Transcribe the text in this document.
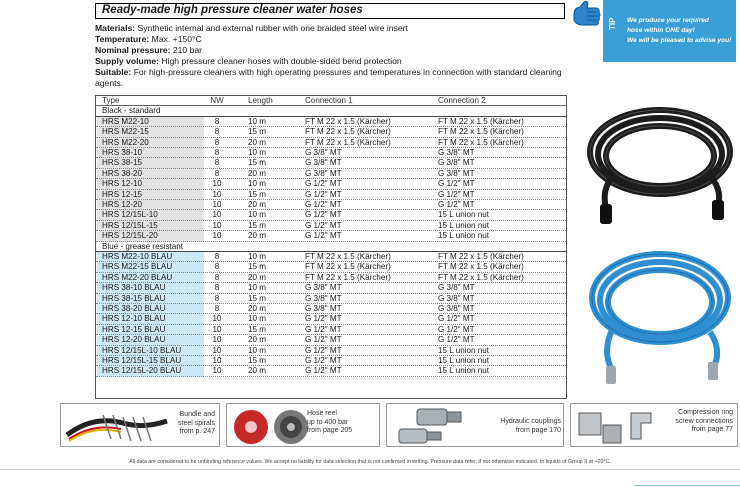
Ready-made high pressure cleaner water hoses
Materials: Synthetic internal and external rubber with one braided steel wire insert
Temperature: Max. +150°C
Nominal pressure: 210 bar
Supply volume: High pressure cleaner hoses with double-sided bend protection
Suitable: For high-pressure cleaners with high operating pressures and temperatures in connection with standard cleaning agents.
Type	NW	Length	Connection 1	Connection 2
Black - standard
HRS M22-10	8	10 m	FT M 22 x 1.5 (Kärcher)	FT M 22 x 1.5 (Kärcher)
HRS M22-15	8	15 m	FT M 22 x 1.5 (Kärcher)	FT M 22 x 1.5 (Kärcher)
HRS M22-20	8	20 m	FT M 22 x 1.5 (Kärcher)	FT M 22 x 1.5 (Kärcher)
HRS 38-10	8	10 m	G 3/8" MT	G 3/8" MT
HRS 38-15	8	15 m	G 3/8" MT	G 3/8" MT
HRS 38-20	8	20 m	G 3/8" MT	G 3/8" MT
HRS 12-10	10	10 m	G 1/2" MT	G 1/2" MT
HRS 12-15	10	15 m	G 1/2" MT	G 1/2" MT
HRS 12-20	10	20 m	G 1/2" MT	G 1/2" MT
HRS 12/15L-10	10	10 m	G 1/2" MT	15 L union nut
HRS 12/15L-15	10	15 m	G 1/2" MT	15 L union nut
HRS 12/15L-20	10	20 m	G 1/2" MT	15 L union nut
Blue - grease resistant
HRS M22-10 BLAU	8	10 m	FT M 22 x 1.5 (Kärcher)	FT M 22 x 1.5 (Kärcher)
HRS M22-15 BLAU	8	15 m	FT M 22 x 1.5 (Kärcher)	FT M 22 x 1.5 (Kärcher)
HRS M22-20 BLAU	8	20 m	FT M 22 x 1.5 (Kärcher)	FT M 22 x 1.5 (Kärcher)
HRS 38-10 BLAU	8	10 m	G 3/8" MT	G 3/8" MT
HRS 38-15 BLAU	8	15 m	G 3/8" MT	G 3/8" MT
HRS 38-20 BLAU	8	20 m	G 3/8" MT	G 3/8" MT
HRS 12-10 BLAU	10	10 m	G 1/2" MT	G 1/2" MT
HRS 12-15 BLAU	10	15 m	G 1/2" MT	G 1/2" MT
HRS 12-20 BLAU	10	20 m	G 1/2" MT	G 1/2" MT
HRS 12/15L-10 BLAU	10	10 m	G 1/2" MT	15 L union nut
HRS 12/15L-15 BLAU	10	15 m	G 1/2" MT	15 L union nut
HRS 12/15L-20 BLAU	10	20 m	G 1/2" MT	15 L union nut
TIP We produce your required
hose within ONE day!
We will be pleased to advise you!
Bundle and
steel spirals
from p. 247
Hose reel
up to 400 bar
from page 205
Hydraulic couplings
from page 170
Compression ring
screw connections
from page 77
All data are considered to be unbinding reference values. We accept no liability for data selection that is not confirmed in writing. Pressure data refer, if not otherwise indicated, to liquids of Group II at +20°C.
